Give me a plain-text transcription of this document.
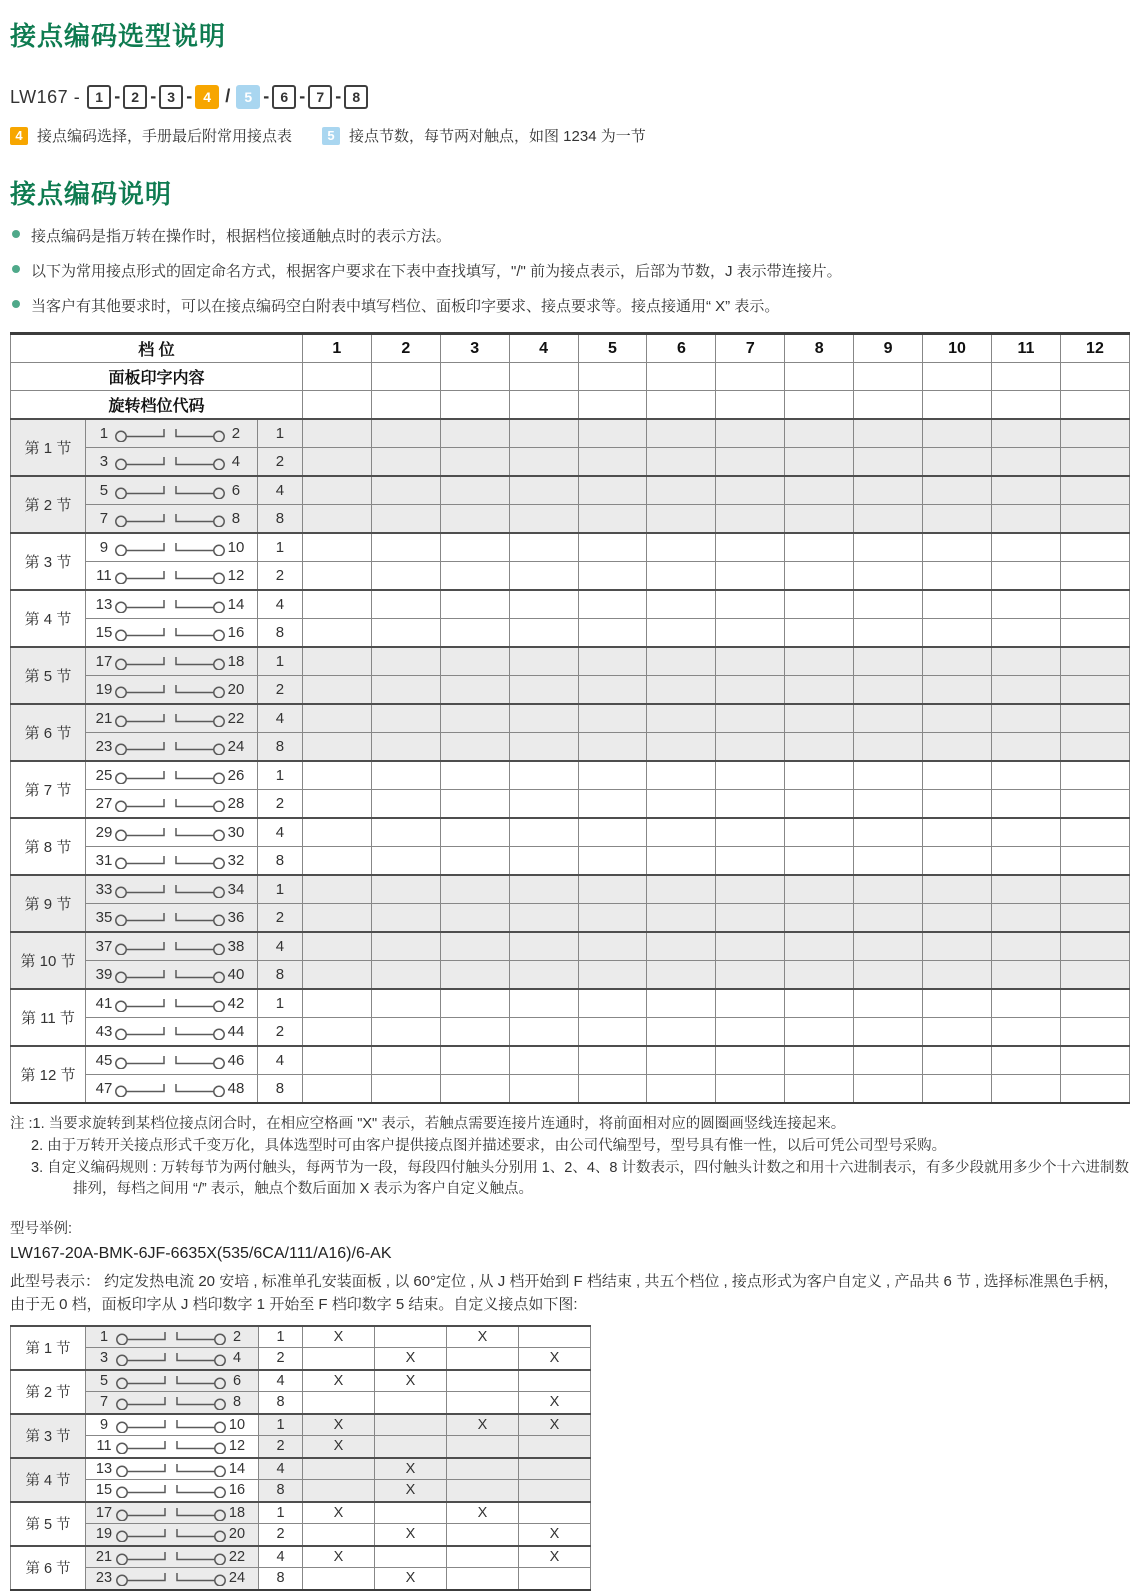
接点编码选型说明
LW167 -	1 - 2 - 3 - 4 / 5 - 6 - 7 - 8
4 接点编码选择，手册最后附常用接点表	5 接点节数，每节两对触点，如图 1234 为一节
接点编码说明
接点编码是指万转在操作时，根据档位接通触点时的表示方法。
以下为常用接点形式的固定命名方式，根据客户要求在下表中查找填写，"/" 前为接点表示，后部为节数，J 表示带连接片。
当客户有其他要求时，可以在接点编码空白附表中填写档位、面板印字要求、接点要求等。接点接通用“ X” 表示。
档 位			1	2	3	4	5	6	7	8	9	10	11	12
面板印字内容														
旋转档位代码														
第 1 节	1 2	1												

	3 4	2												
第 2 节	5 6	4												

	7 8	8												
第 3 节	9 10	1												

	11 12	2												
第 4 节	13 14	4												

	15 16	8												
第 5 节	17 18	1												

	19 20	2												
第 6 节	21 22	4												

	23 24	8												
第 7 节	25 26	1												

	27 28	2												
第 8 节	29 30	4												

	31 32	8												
第 9 节	33 34	1												

	35 36	2												
第 10 节	37 38	4												

	39 40	8												
第 11 节	41 42	1												

	43 44	2												
第 12 节	45 46	4												

	47 48	8												
注 :1. 当要求旋转到某档位接点闭合时，在相应空格画 "X" 表示，若触点需要连接片连通时，将前面相对应的圆圈画竖线连接起来。
2. 由于万转开关接点形式千变万化，具体选型时可由客户提供接点图并描述要求，由公司代编型号，型号具有惟一性，以后可凭公司型号采购。
3. 自定义编码规则 : 万转每节为两付触头，每两节为一段，每段四付触头分别用 1、2、4、8 计数表示，四付触头计数之和用十六进制表示，有多少段就用多少个十六进制数排列，每档之间用 “/” 表示，触点个数后面加 X 表示为客户自定义触点。
型号举例:
LW167-20A-BMK-6JF-6635X(535/6CA/111/A16)/6-AK
此型号表示： 约定发热电流 20 安培 , 标准单孔安装面板 , 以 60°定位 , 从 J 档开始到 F 档结束 , 共五个档位 , 接点形式为客户自定义 , 产品共 6 节 , 选择标准黑色手柄，由于无 0 档，面板印字从 J 档印数字 1 开始至 F 档印数字 5 结束。自定义接点如下图:
第 1 节	1 2	1	X		X	

	3 4	2		X		X
第 2 节	5 6	4	X	X		

	7 8	8				X
第 3 节	9 10	1	X		X	X

	11 12	2	X			
第 4 节	13 14	4		X		

	15 16	8		X		
第 5 节	17 18	1	X		X	

	19 20	2		X		X
第 6 节	21 22	4	X			X

	23 24	8		X		
